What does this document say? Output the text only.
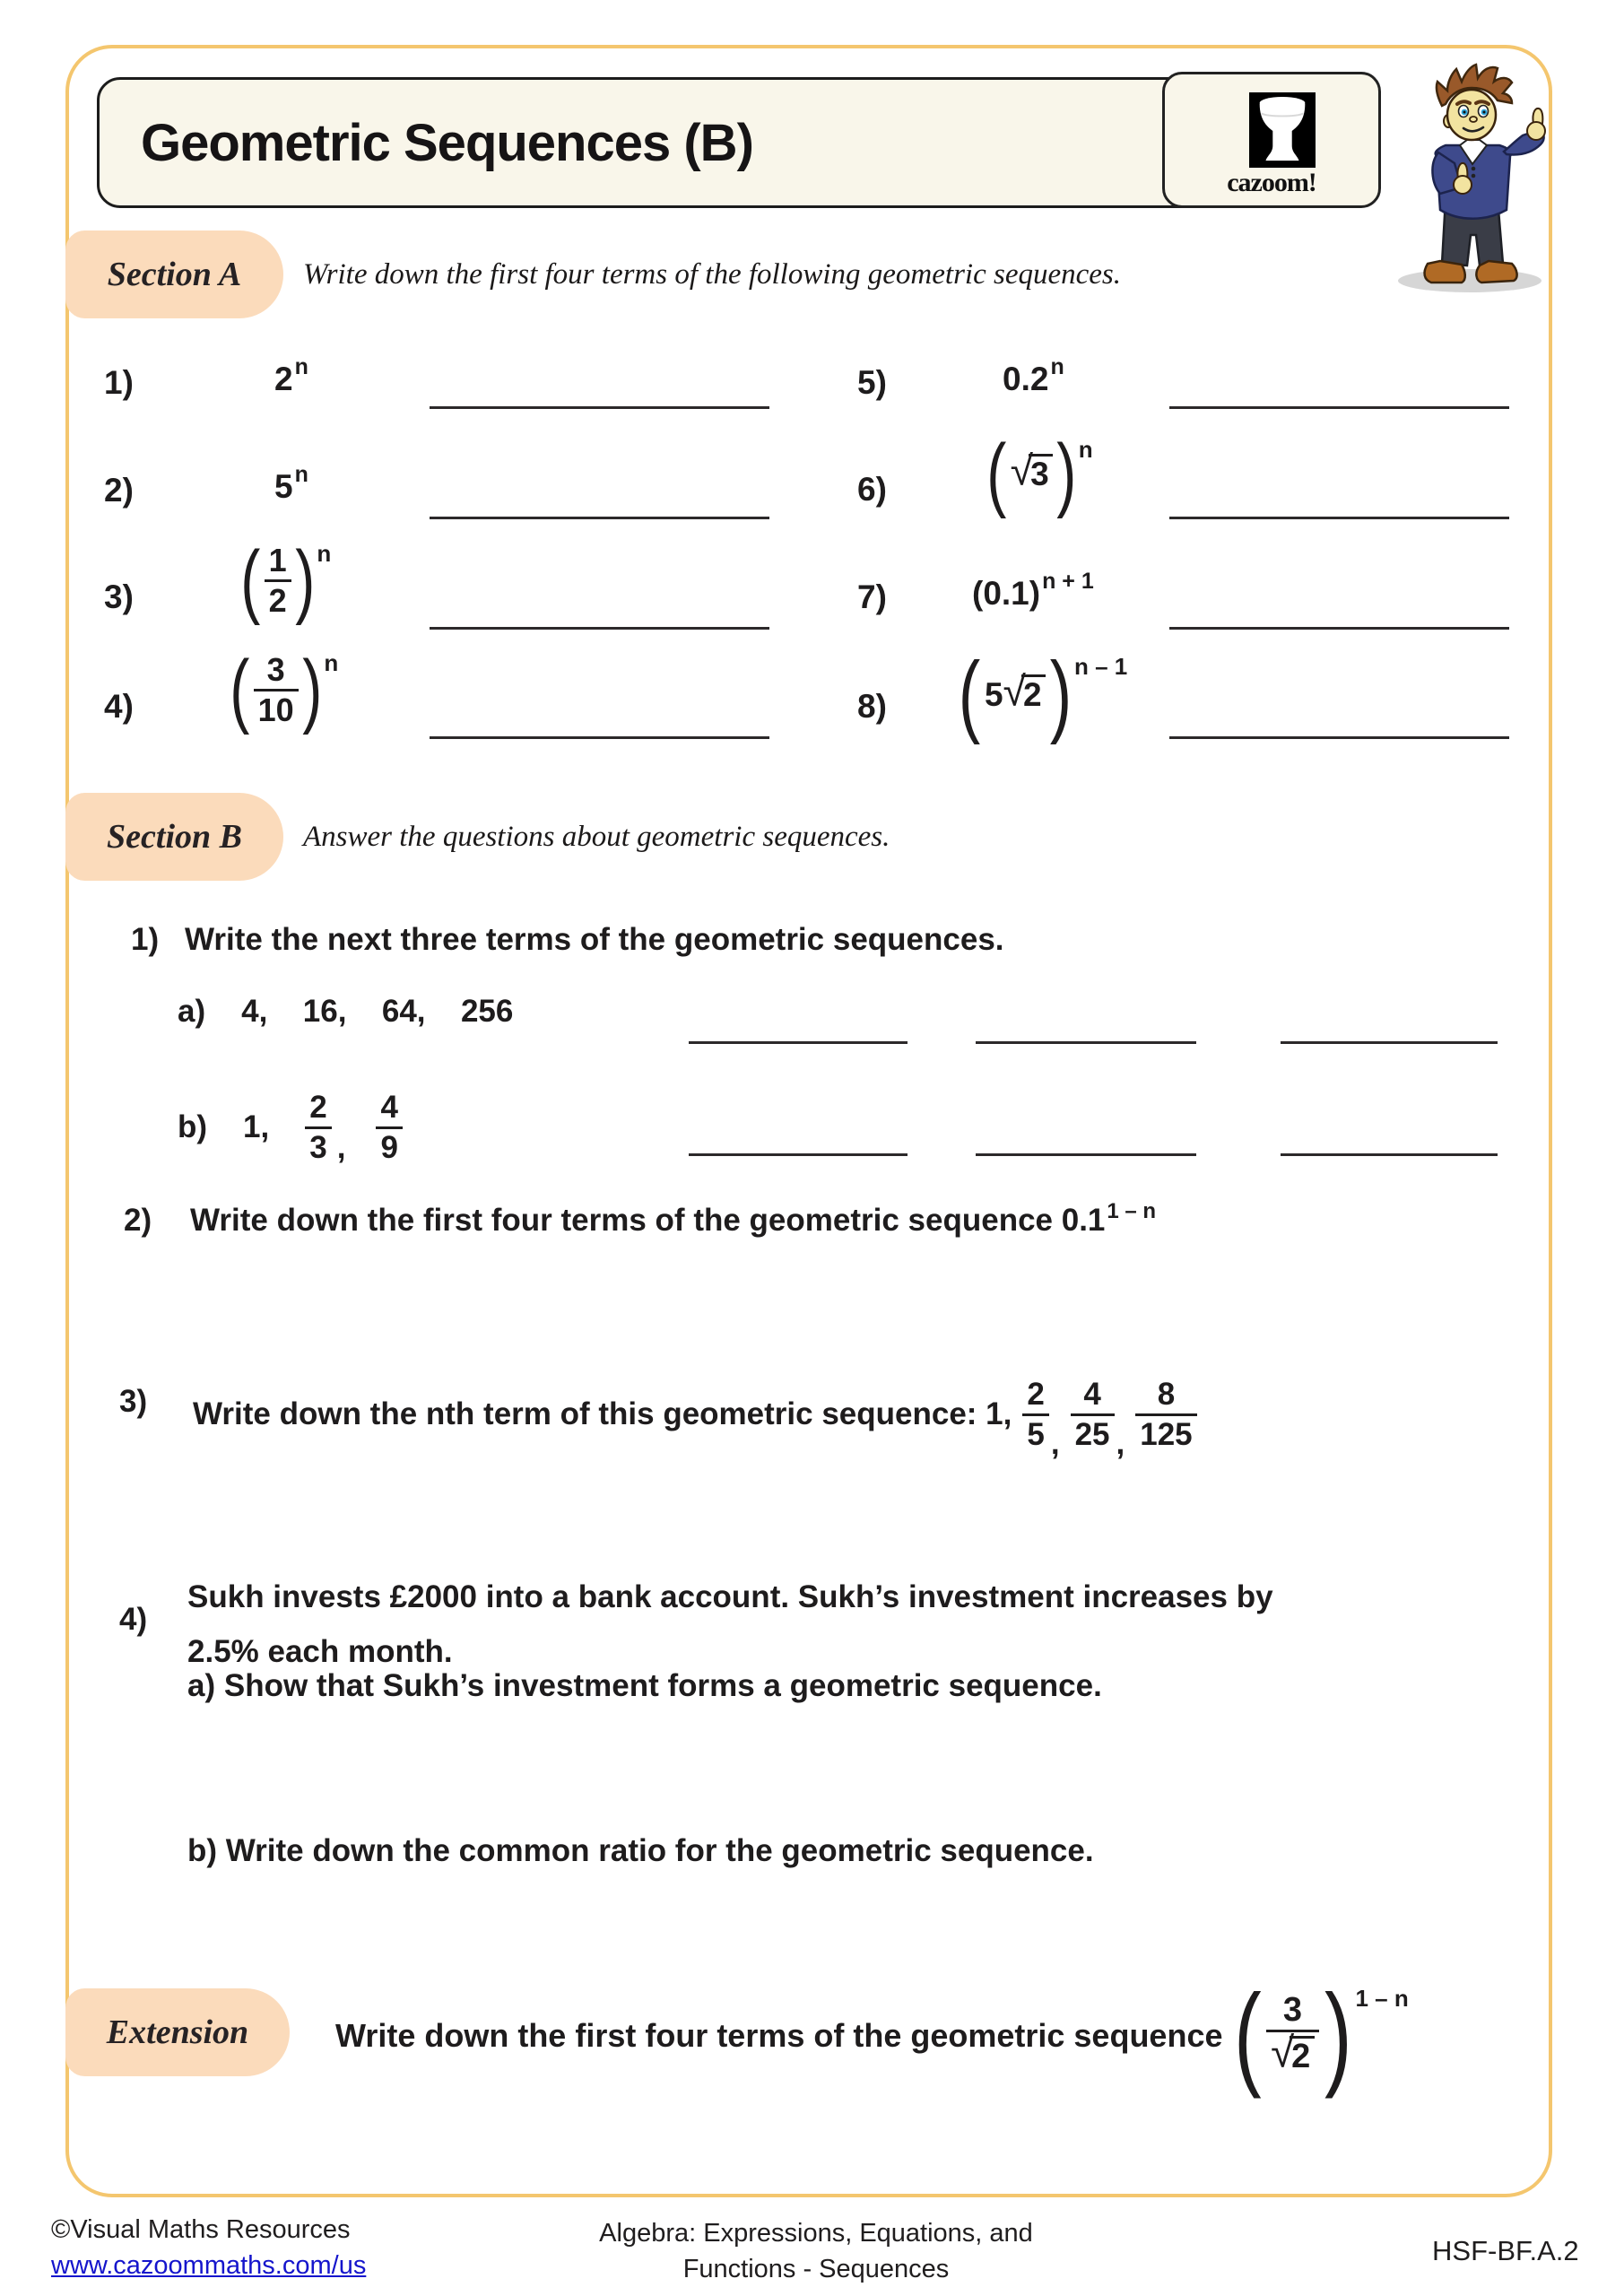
Geometric Sequences (B)
cazoom!
Section A Write down the first four terms of the following geometric sequences.
1)	2 n
2)	5 n
3) ( 1
2 ) n
4) ( 3
10 ) n
5)	0.2 n
6) ( √
3 ) n
7)	(0.1) n + 1
8) ( 5 √
2 ) n – 1
Section B Answer the questions about geometric sequences.
1) Write the next three terms of the geometric sequences.
a) 4,  16,  64,  256
b) 1,
2
3 ,
4
9
2) Write down the first four terms of the geometric sequence 0.1$^{1 - n}$
3) Write down the nth term of this geometric sequence: 1,
2
5 ,
4
25 ,
8
125
4)
Sukh invests £2000 into a bank account. Sukh’s investment increases by
2.5% each month.
a) Show that Sukh’s investment forms a geometric sequence.
b) Write down the common ratio for the geometric sequence.
Extension	Write down the first four terms of the geometric sequence ( 3
√
2 ) 1 – n
©Visual Maths Resources
www.cazoommaths.com/us
Algebra: Expressions, Equations, and
Functions - Sequences
HSF-BF.A.2
